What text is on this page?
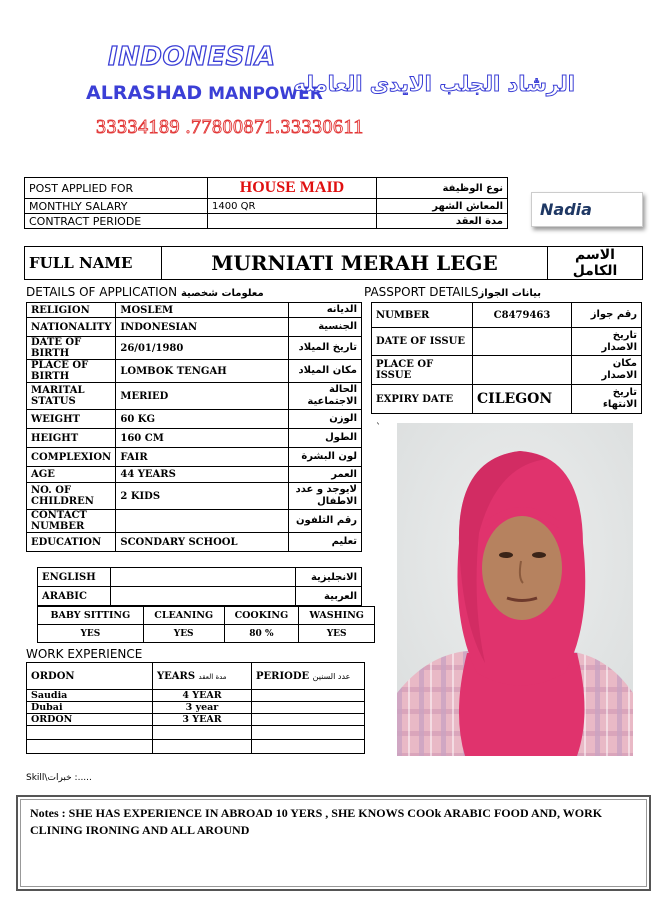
INDONESIA
ALRASHAD MANPOWER
الرشاد الجلب الايدى العامله
33334189 .77800871.33330611
POST APPLIED FOR	HOUSE MAID	نوع الوظيفة
MONTHLY SALARY	1400 QR	المعاش الشهر
CONTRACT PERIODE		مدة العقد
Nadia
FULL NAME	MURNIATI MERAH LEGE	الاسم الكامل
DETAILS OF APPLICATION معلومات شخصية
RELIGION	MOSLEM	الديانه
NATIONALITY	INDONESIAN	الجنسية
DATE OF BIRTH	26/01/1980	تاريخ الميلاد
PLACE OF BIRTH	LOMBOK TENGAH	مكان الميلاد
MARITAL STATUS	MERIED	الحالة الاجتماعية
WEIGHT	60 KG	الوزن
HEIGHT	160 CM	الطول
COMPLEXION	FAIR	لون البشرة
AGE	44 YEARS	العمر
NO. OF CHILDREN	2 KIDS	لايوجد و عدد الاطفال
CONTACT NUMBER		رقم التلفون
EDUCATION	SCONDARY SCHOOL	تعليم
ENGLISH		الانجليزية
ARABIC		العربية
BABY SITTING	CLEANING	COOKING	WASHING
YES	YES	80 %	YES
PASSPORT DETAILSبيانات الجواز
NUMBER	C8479463	رقم جواز
DATE OF ISSUE		تاريخ الاصدار
PLACE OF ISSUE		مكان الاصدار
EXPIRY DATE	CILEGON	تاريخ الانتهاء
`
WORK EXPERIENCE
ORDON	YEARS مدة العقد	PERIODE عدد السنين
Saudia	4 YEAR	
Dubai	3 year	
ORDON	3 YEAR	

Skill\خبرات :.....
Notes : SHE HAS EXPERIENCE IN ABROAD 10 YERS , SHE KNOWS COOk ARABIC FOOD AND, WORK CLINING IRONING AND ALL AROUND
